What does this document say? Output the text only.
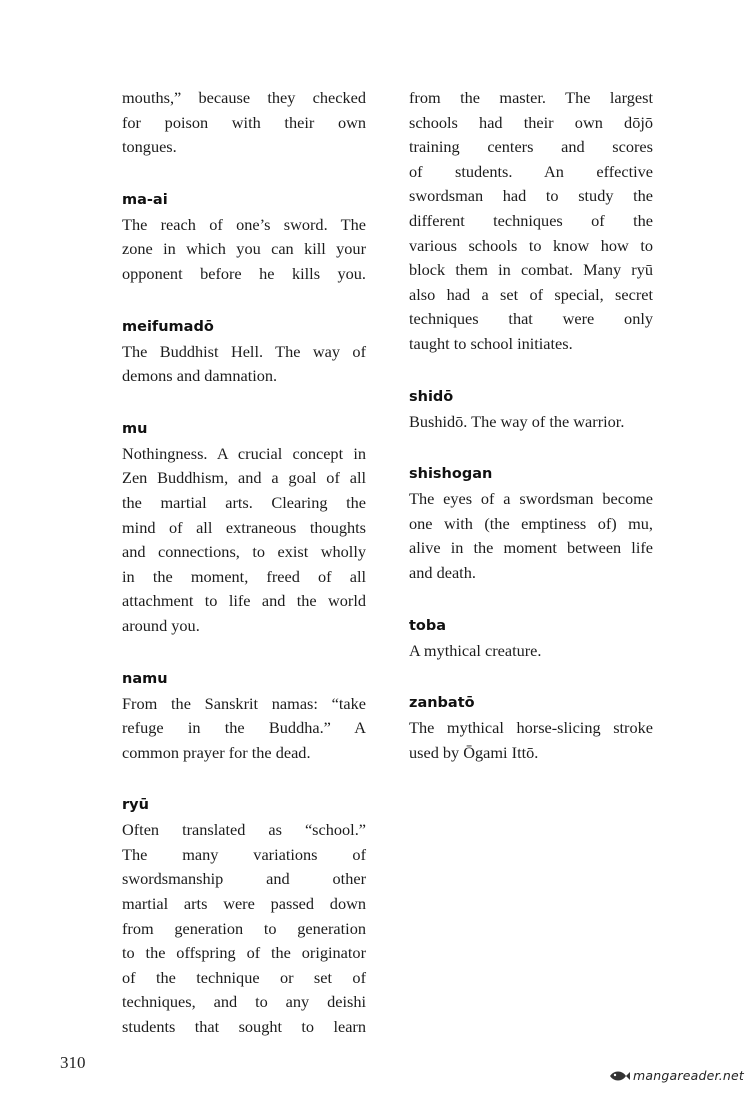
mouths,” because they checked
for poison with their own
tongues.
ma-ai
The reach of one’s sword. The
zone in which you can kill your
opponent before he kills you.
meifumadō
The Buddhist Hell. The way of
demons and damnation.
mu
Nothingness. A crucial concept in
Zen Buddhism, and a goal of all
the martial arts. Clearing the
mind of all extraneous thoughts
and connections, to exist wholly
in the moment, freed of all
attachment to life and the world
around you.
namu
From the Sanskrit namas: “take
refuge in the Buddha.” A
common prayer for the dead.
ryū
Often translated as “school.”
The many variations of
swordsmanship and other
martial arts were passed down
from generation to generation
to the offspring of the originator
of the technique or set of
techniques, and to any deishi
students that sought to learn
from the master. The largest
schools had their own dōjō
training centers and scores
of students. An effective
swordsman had to study the
different techniques of the
various schools to know how to
block them in combat. Many ryū
also had a set of special, secret
techniques that were only
taught to school initiates.
shidō
Bushidō. The way of the warrior.
shishogan
The eyes of a swordsman become
one with (the emptiness of) mu,
alive in the moment between life
and death.
toba
A mythical creature.
zanbatō
The mythical horse-slicing stroke
used by Ōgami Ittō.
310
mangareader.net
